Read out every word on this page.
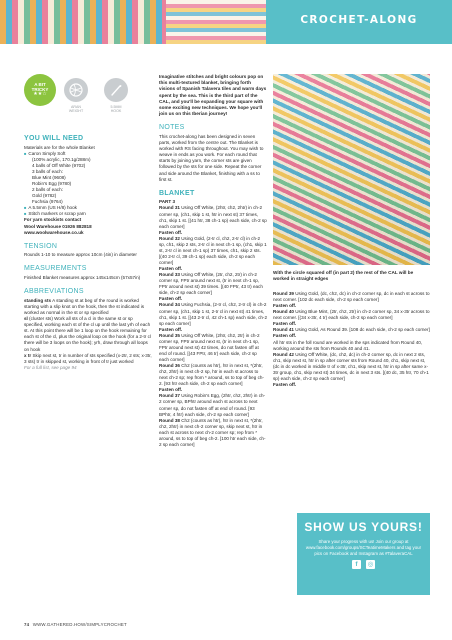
CROCHET-ALONG
A BIT
TRICKY
★★☆
ARAN
WEIGHT
5.5MM
HOOK
YOU WILL NEED

Materials are for the whole Blanket

■ Caron Simply Soft

(100% acrylic, 170.1g/288m)

4 balls of Off White (9702)

3 balls of each:

Blue Mint (9608)

Robin's Egg (9780)

2 balls of each:

Gold (9782)

Fuchsia (9764)

■ A 5.5mm (US H/8) hook

■ Stitch markers or scrap yarn

For yarn stockists contact

Wool Warehouse 01926 882818

www.woolwarehouse.co.uk

TENSION

Rounds 1-10 to measure approx 10cm (4in) in diameter

MEASUREMENTS

Finished Blanket measures approx 145x145cm (57x57in)

ABBREVIATIONS

standing sts A standing st at beg of the round is worked starting with a slip knot on the hook, then the st indicated is worked as normal in the st or sp specified

sl (cluster sts) Work all sts of a cl in the same st or sp specified, working each st of the cl up until the last yrh of each st. At this point there will be 1 loop on the hook remaining for each st of the cl, plus the original loop on the hook (for a 2-tr cl there will be 3 loops on the hook); yrh, draw through all loops on hook

x tr Skip next st, tr in number of sts specified (x-2tr, 2 sts; x-3tr, 3 sts) tr in skipped st, working in front of tr just worked

For a full list, see page 94

Imaginative stitches and bright colours pop on this multi-textured blanket, bringing forth visions of Spanish Talavera tiles and warm days spent by the sea. This is the third part of the CAL, and you'll be expanding your square with some exciting new techniques. We hope you'll join us on this Iberian journey!

NOTES

This crochet-along has been designed in seven parts, worked from the centre out. The Blanket is worked with RS facing throughout. You may wish to weave in ends as you work. For each round that starts by joining yarn, the corner sts are given followed by the sts for one side. Repeat the corner and side around the Blanket, finishing with a ss to first st.

BLANKET

PART 3

Round 31 Using Off White, (2htr, ch2, 2htr) in ch-2 corner sp, (ch1, skip 1 st, htr in next st) 37 times, ch1, skip 1 st. [(41 htr, 38 ch-1 sp) each side, ch-2 sp each corner]

Fasten off.

Round 32 Using Gold, (2-tr cl, ch2, 2-tr cl) in ch-2 sp, ch1, skip 2 sts, 2-tr cl in next ch-1 sp, (ch1, skip 1 st, 2-tr cl in next ch-1 sp) 37 times, ch1, skip 2 sts. [(40 2-tr cl, 39 ch-1 sp) each side, ch-2 sp each corner]

Fasten off.

Round 33 Using Off White, (2tr, ch2, 2tr) in ch-2 corner sp, FPtr around next st, (tr in next ch-1 sp, FPtr around next st) 39 times. [(40 FPtr, 43 tr) each side, ch-2 sp each corner]

Fasten off.

Round 34 Using Fuchsia, (2-tr cl, ch2, 2-tr cl) in ch-2 corner sp, (ch1, skip 1 st, 2-tr cl in next st) 41 times, ch1, skip 1 st. [(43 2-tr cl, 42 ch-1 sp) each side, ch-2 sp each corner]

Fasten off.

Round 35 Using Off White, (2htr, ch2, 2tr) in ch-2 corner sp, FPtr around next st, (tr in next ch-1 sp, FPtr around next st) 42 times, do not fasten off at end of round. [(43 FPtr, 46 tr) each side, ch-2 sp each corner]

Round 36 Ch2 (counts as htr), htr in next st, *(2htr, ch2, 2htr) in next ch-2 sp, htr in each st across to next ch-2 sp; rep from * around, ss to top of beg ch-2. [93 htr each side, ch-2 sp each corner]

Fasten off.

Round 37 Using Robin's Egg, (2htr, ch2, 2htr) in ch-2 corner sp, BPhtr around each st across to next corner sp, do not fasten off at end of round. [93 BPhtr, 4 htr) each side, ch-2 sp each corner]

Round 38 Ch2 (counts as htr), htr in next st, *(2htr, ch2, 2htr) in next ch-2 corner sp, skip next st, htr in each st across to next ch-2 corner sp; rep from * around, ss to top of beg ch-2. [100 htr each side, ch-2 sp each corner]

With the circle squared off (in part 2) the rest of the CAL will be worked in straight edges

Round 39 Using Gold, (dc, ch2, dc) in ch-2 corner sp, dc in each st across to next corner. [102 dc each side, ch-2 sp each corner]

Fasten off.

Round 40 Using Blue Mint, (2tr, ch2, 2tr) in ch-2 corner sp, 34 x-3tr across to next corner. [(34 x-3tr, 4 tr) each side, ch-2 sp each corner]

Fasten off.

Round 41 Using Gold, As Round 39. [108 dc each side, ch-2 sp each corner]

Fasten off.

All htr sts in the foll round are worked in the sps indicated from Round 40, working around the sts from Rounds 40 and 41.

Round 42 Using Off White, (dc, ch2, dc) in ch-2 corner sp, dc in next 2 sts, ch1, skip next st, htr in sp after corner sts from Round 40, ch1, skip next st, (dc in dc worked in middle tr of x-3tr, ch1, skip next st, htr in sp after same x-3tr group, ch1, skip next st) 34 times, dc in next 3 sts. [(40 dc, 35 htr, 70 ch-1 sp) each side, ch-2 sp each corner]

Fasten off.

SHOW US YOURS!
Share your progress with us! Join our group at www.facebook.com/groups/SCTeatimeMakers and tag your pics on Facebook and Instagram as #TalaveraCAL
f	◎
74 WWW.GATHERED.HOW/SIMPLYCROCHET
